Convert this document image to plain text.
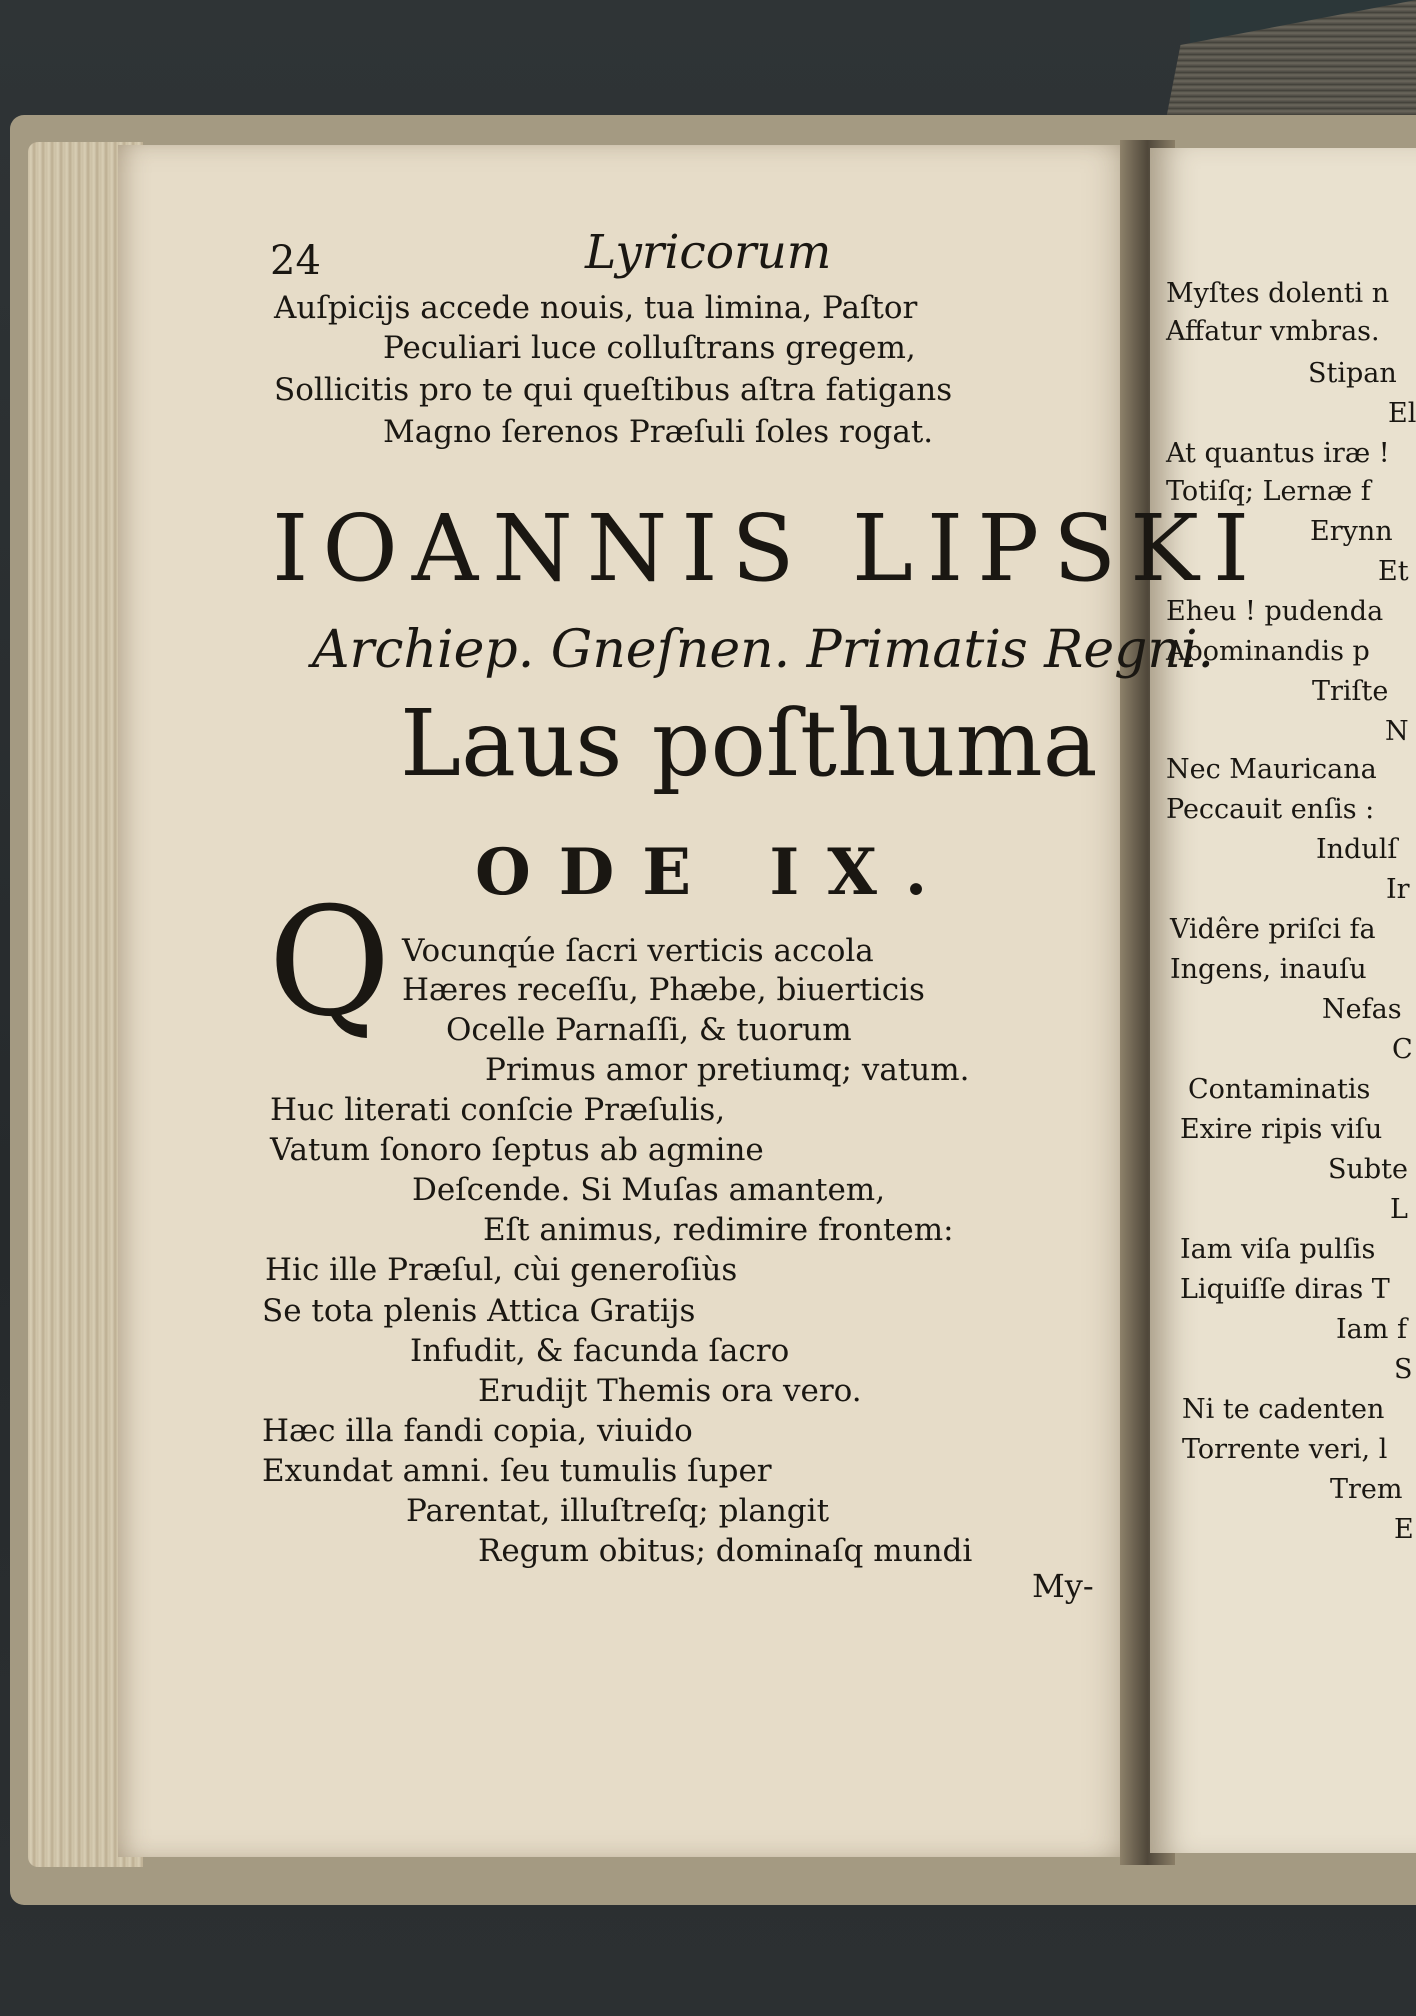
24	Lyricorum
Auſpicijs accede nouis, tua limina, Paſtor
Peculiari luce colluſtrans gregem,
Sollicitis pro te qui queſtibus aſtra fatigans
Magno ſerenos Præſuli ſoles rogat.
IOANNIS LIPSKI
Archiep. Gneſnen. Primatis Regni.
Laus poſthuma
ODE IX.
Q Vocunqúe ſacri verticis accola
Hæres receſſu, Phæbe, biuerticis
Ocelle Parnaſſi, & tuorum
Primus amor pretiumq; vatum.
Huc literati conſcie Præſulis,
Vatum ſonoro ſeptus ab agmine
Deſcende. Si Muſas amantem,
Eſt animus, redimire frontem:
Hic ille Præſul, cùi generoſiùs
Se tota plenis Attica Gratijs
Infudit, & facunda ſacro
Erudijt Themis ora vero.
Hæc illa fandi copia, viuido
Exundat amni. ſeu tumulis ſuper
Parentat, illuſtreſq; plangit
Regum obitus; dominaſq mundi
My-
Myſtes dolenti n
Affatur vmbras.
Stipan
El
At quantus iræ !
Totiſq; Lernæ f
Erynn
Et
Eheu ! pudenda
Abominandis p
Triſte
N
Nec Mauricana
Peccauit enſis :
Indulſ
Ir
Vidêre priſci fa
Ingens, inauſu
Nefas
C
Contaminatis
Exire ripis viſu
Subte
L
Iam viſa pulſis
Liquiſſe diras T
Iam f
S
Ni te cadenten
Torrente veri, l
Trem
E
